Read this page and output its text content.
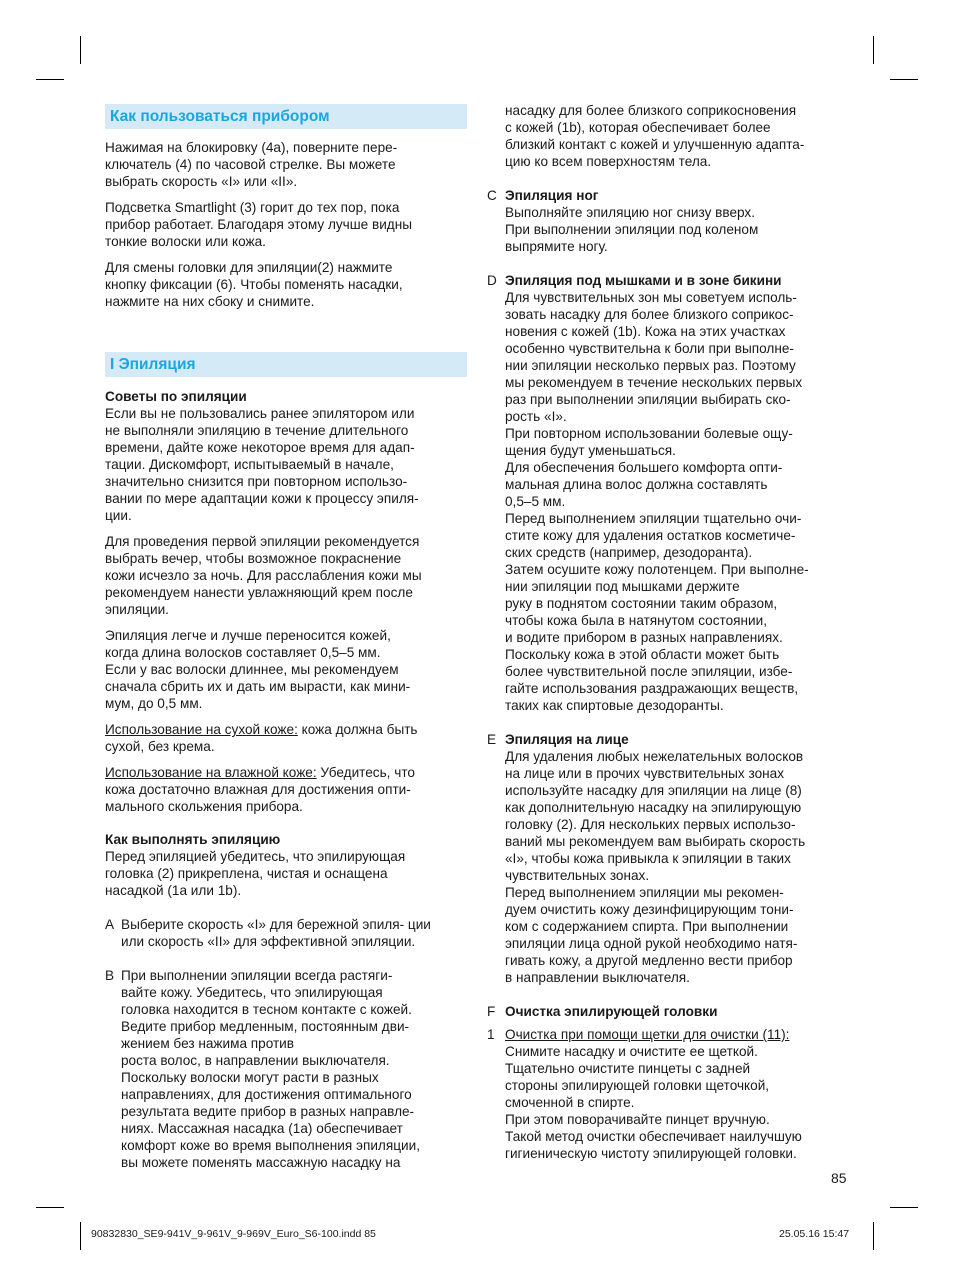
Как пользоваться прибором

Нажимая на блокировку (4a), поверните пере-
ключатель (4) по часовой стрелке. Вы можете
выбрать скорость «I» или «II».

Подсветка Smartlight (3) горит до тех пор, пока
прибор работает. Благодаря этому лучше видны
тонкие волоски или кожа.

Для смены головки для эпиляции(2) нажмите
кнопку фиксации (6). Чтобы поменять насадки,
нажмите на них сбоку и снимите.

I Эпиляция

Советы по эпиляции

Если вы не пользовались ранее эпилятором или
не выполняли эпиляцию в течение длительного
времени, дайте коже некоторое время для адап-
тации. Дискомфорт, испытываемый в начале,
значительно снизится при повторном использо-
вании по мере адаптации кожи к процессу эпиля-
ции.

Для проведения первой эпиляции рекомендуется
выбрать вечер, чтобы возможное покраснение
кожи исчезло за ночь. Для расслабления кожи мы
рекомендуем нанести увлажняющий крем после
эпиляции.

Эпиляция легче и лучше переносится кожей,
когда длина волосков составляет 0,5–5 мм.
Если у вас волоски длиннее, мы рекомендуем
сначала сбрить их и дать им вырасти, как мини-
мум, до 0,5 мм.

Использование на сухой коже: кожа должна быть
сухой, без крема.

Использование на влажной коже: Убедитесь, что
кожа достаточно влажная для достижения опти-
мального скольжения прибора.

Как выполнять эпиляцию

Перед эпиляцией убедитесь, что эпилирующая
головка (2) прикреплена, чистая и оснащена
насадкой (1a или 1b).

A Выберите скорость «I» для бережной эпиля- ции
или скорость «II» для эффективной эпиляции.
B При выполнении эпиляции всегда растяги-
вайте кожу. Убедитесь, что эпилирующая
головка находится в тесном контакте с кожей.
Ведите прибор медленным, постоянным дви-
жением без нажима против
роста волос, в направлении выключателя.
Поскольку волоски могут расти в разных
направлениях, для достижения оптимального
результата ведите прибор в разных направле-
ниях. Массажная насадка (1a) обеспечивает
комфорт коже во время выполнения эпиляции,
вы можете поменять массажную насадку на

насадку для более близкого соприкосновения
с кожей (1b), которая обеспечивает более
близкий контакт с кожей и улучшенную адапта-
цию ко всем поверхностям тела.

C Эпиляция ног

Выполняйте эпиляцию ног снизу вверх.
При выполнении эпиляции под коленом
выпрямите ногу.

D Эпиляция под мышками и в зоне бикини

Для чувствительных зон мы советуем исполь-
зовать насадку для более близкого соприкос-
новения с кожей (1b). Кожа на этих участках
особенно чувствительна к боли при выполне-
нии эпиляции несколько первых раз. Поэтому
мы рекомендуем в течение нескольких первых
раз при выполнении эпиляции выбирать ско-
рость «I».
При повторном использовании болевые ощу-
щения будут уменьшаться.
Для обеспечения большего комфорта опти-
мальная длина волос должна составлять
0,5–5 мм.
Перед выполнением эпиляции тщательно очи-
стите кожу для удаления остатков косметиче-
ских средств (например, дезодоранта).
Затем осушите кожу полотенцем. При выполне-
нии эпиляции под мышками держите
руку в поднятом состоянии таким образом,
чтобы кожа была в натянутом состоянии,
и водите прибором в разных направлениях.
Поскольку кожа в этой области может быть
более чувствительной после эпиляции, избе-
гайте использования раздражающих веществ,
таких как спиртовые дезодоранты.

E Эпиляция на лице

Для удаления любых нежелательных волосков
на лице или в прочих чувствительных зонах
используйте насадку для эпиляции на лице (8)
как дополнительную насадку на эпилирующую
головку (2). Для нескольких первых использо-
ваний мы рекомендуем вам выбирать скорость
«I», чтобы кожа привыкла к эпиляции в таких
чувствительных зонах.
Перед выполнением эпиляции мы рекомен-
дуем очистить кожу дезинфицирующим тони-
ком с содержанием спирта. При выполнении
эпиляции лица одной рукой необходимо натя-
гивать кожу, а другой медленно вести прибор
в направлении выключателя.

F Очистка эпилирующей головки
1 Очистка при помощи щетки для очистки (11):

Снимите насадку и очистите ее щеткой.
Тщательно очистите пинцеты с задней
стороны эпилирующей головки щеточкой,
смоченной в спирте.
При этом поворачивайте пинцет вручную.
Такой метод очистки обеспечивает наилучшую
гигиеническую чистоту эпилирующей головки.

85
90832830_SE9-941V_9-961V_9-969V_Euro_S6-100.indd 85	25.05.16 15:47
